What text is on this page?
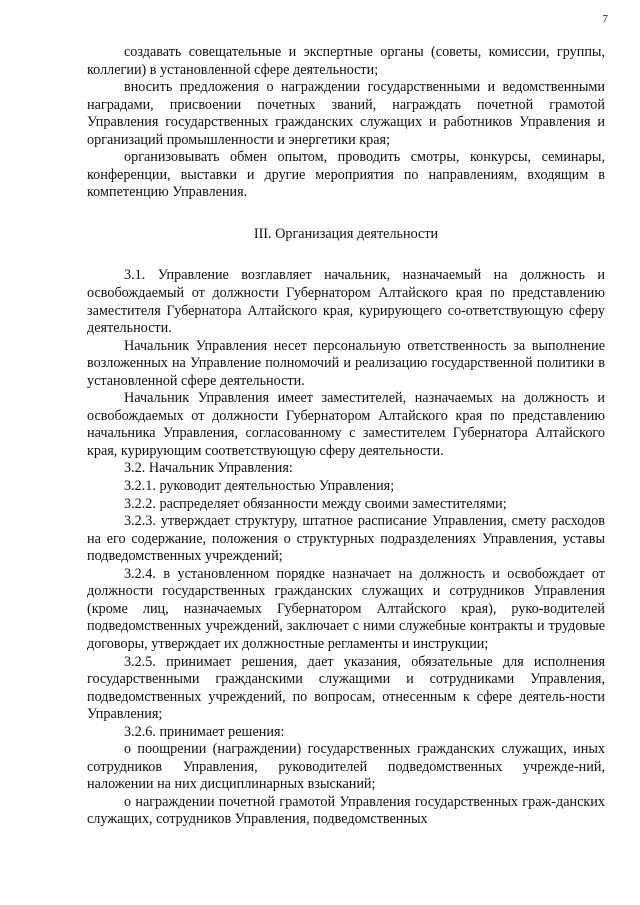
7

создавать совещательные и экспертные органы (советы, комиссии, группы, коллегии) в установленной сфере деятельности;

вносить предложения о награждении государственными и ведомственными наградами, присвоении почетных званий, награждать почетной грамотой Управления государственных гражданских служащих и работников Управления и организаций промышленности и энергетики края;

организовывать обмен опытом, проводить смотры, конкурсы, семинары, конференции, выставки и другие мероприятия по направлениям, входящим в компетенцию Управления.

III. Организация деятельности

3.1. Управление возглавляет начальник, назначаемый на должность и освобождаемый от должности Губернатором Алтайского края по представлению заместителя Губернатора Алтайского края, курирующего со-ответствующую сферу деятельности.

Начальник Управления несет персональную ответственность за выполнение возложенных на Управление полномочий и реализацию государственной политики в установленной сфере деятельности.

Начальник Управления имеет заместителей, назначаемых на должность и освобождаемых от должности Губернатором Алтайского края по представлению начальника Управления, согласованному с заместителем Губернатора Алтайского края, курирующим соответствующую сферу деятельности.

3.2. Начальник Управления:

3.2.1. руководит деятельностью Управления;

3.2.2. распределяет обязанности между своими заместителями;

3.2.3. утверждает структуру, штатное расписание Управления, смету расходов на его содержание, положения о структурных подразделениях Управления, уставы подведомственных учреждений;

3.2.4. в установленном порядке назначает на должность и освобождает от должности государственных гражданских служащих и сотрудников Управления (кроме лиц, назначаемых Губернатором Алтайского края), руко-водителей подведомственных учреждений, заключает с ними служебные контракты и трудовые договоры, утверждает их должностные регламенты и инструкции;

3.2.5. принимает решения, дает указания, обязательные для исполнения государственными гражданскими служащими и сотрудниками Управления, подведомственных учреждений, по вопросам, отнесенным к сфере деятель-ности Управления;

3.2.6. принимает решения:

о поощрении (награждении) государственных гражданских служащих, иных сотрудников Управления, руководителей подведомственных учрежде-ний, наложении на них дисциплинарных взысканий;

о награждении почетной грамотой Управления государственных граж-данских служащих, сотрудников Управления, подведомственных
